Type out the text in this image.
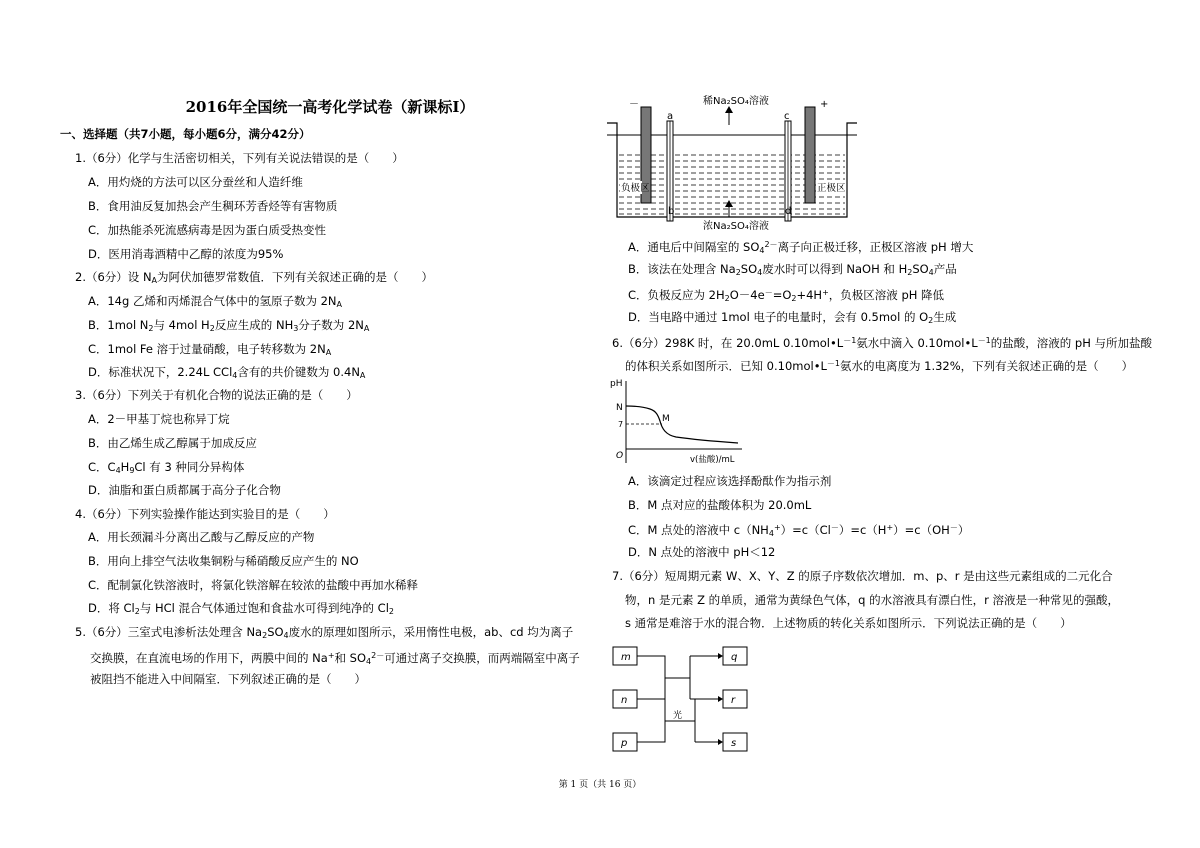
2016年全国统一高考化学试卷（新课标Ⅰ）
一、选择题（共7小题，每小题6分，满分42分）
1.（6分）化学与生活密切相关，下列有关说法错误的是（　　）
A．用灼烧的方法可以区分蚕丝和人造纤维
B．食用油反复加热会产生稠环芳香烃等有害物质
C．加热能杀死流感病毒是因为蛋白质受热变性
D．医用消毒酒精中乙醇的浓度为95%
2.（6分）设 $N_A$为阿伏加德罗常数值．下列有关叙述正确的是（　　）
A．14g 乙烯和丙烯混合气体中的氢原子数为 $2N_A$
B．1mol $N_2$与 4mol $H_2$反应生成的 $NH_3$分子数为 $2N_A$
C．1mol Fe 溶于过量硝酸，电子转移数为 $2N_A$
D．标准状况下，2.24L CCl$_4$含有的共价键数为 $0.4N_A$
3.（6分）下列关于有机化合物的说法正确的是（　　）
A．2－甲基丁烷也称异丁烷
B．由乙烯生成乙醇属于加成反应
C．$C_4H_9Cl$ 有 3 种同分异构体
D．油脂和蛋白质都属于高分子化合物
4.（6分）下列实验操作能达到实验目的是（　　）
A．用长颈漏斗分离出乙酸与乙醇反应的产物
B．用向上排空气法收集铜粉与稀硝酸反应产生的 NO
C．配制氯化铁溶液时，将氯化铁溶解在较浓的盐酸中再加水稀释
D．将 $Cl_2$与 HCl 混合气体通过饱和食盐水可得到纯净的 $Cl_2$
5.（6分）三室式电渗析法处理含 $Na_2SO_4$废水的原理如图所示，采用惰性电极，ab、cd 均为离子
交换膜，在直流电场的作用下，两膜中间的 Na+和 $SO_4^{2-}$可通过离子交换膜，而两端隔室中离子
被阻挡不能进入中间隔室．下列叙述正确的是（　　）
稀Na₂SO₄溶液
浓Na₂SO₄溶液
－	+
a	c
b	d
负极区	正极区
A．通电后中间隔室的 $SO_4^{2-}$离子向正极迁移，正极区溶液 pH 增大
B．该法在处理含 $Na_2SO_4$废水时可以得到 NaOH 和 $H_2SO_4$产品
C．负极反应为 $2H_2O-4e^-=O_2+4H^+$，负极区溶液 pH 降低
D．当电路中通过 1mol 电子的电量时，会有 0.5mol 的 $O_2$生成
6.（6分）298K 时，在 20.0mL $0.10mol•L^{-1}$氨水中滴入 $0.10mol•L^{-1}$的盐酸，溶液的 pH 与所加盐酸
的体积关系如图所示．已知 $0.10mol•L^{-1}$氨水的电离度为 1.32%，下列有关叙述正确的是（　　）
pH
N
7
O	v(盐酸)/mL
M
A．该滴定过程应该选择酚酞作为指示剂
B．M 点对应的盐酸体积为 20.0mL
C．M 点处的溶液中 $c(NH_4^+)=c(Cl^-)=c(H^+)=c(OH^-)$
D．N 点处的溶液中 pH＜12
7.（6分）短周期元素 W、X、Y、Z 的原子序数依次增加．m、p、r 是由这些元素组成的二元化合
物，n 是元素 Z 的单质，通常为黄绿色气体，q 的水溶液具有漂白性，r 溶液是一种常见的强酸，
s 通常是难溶于水的混合物．上述物质的转化关系如图所示．下列说法正确的是（　　）
m
n
p
q
r
s
光
第 1 页（共 16 页）
